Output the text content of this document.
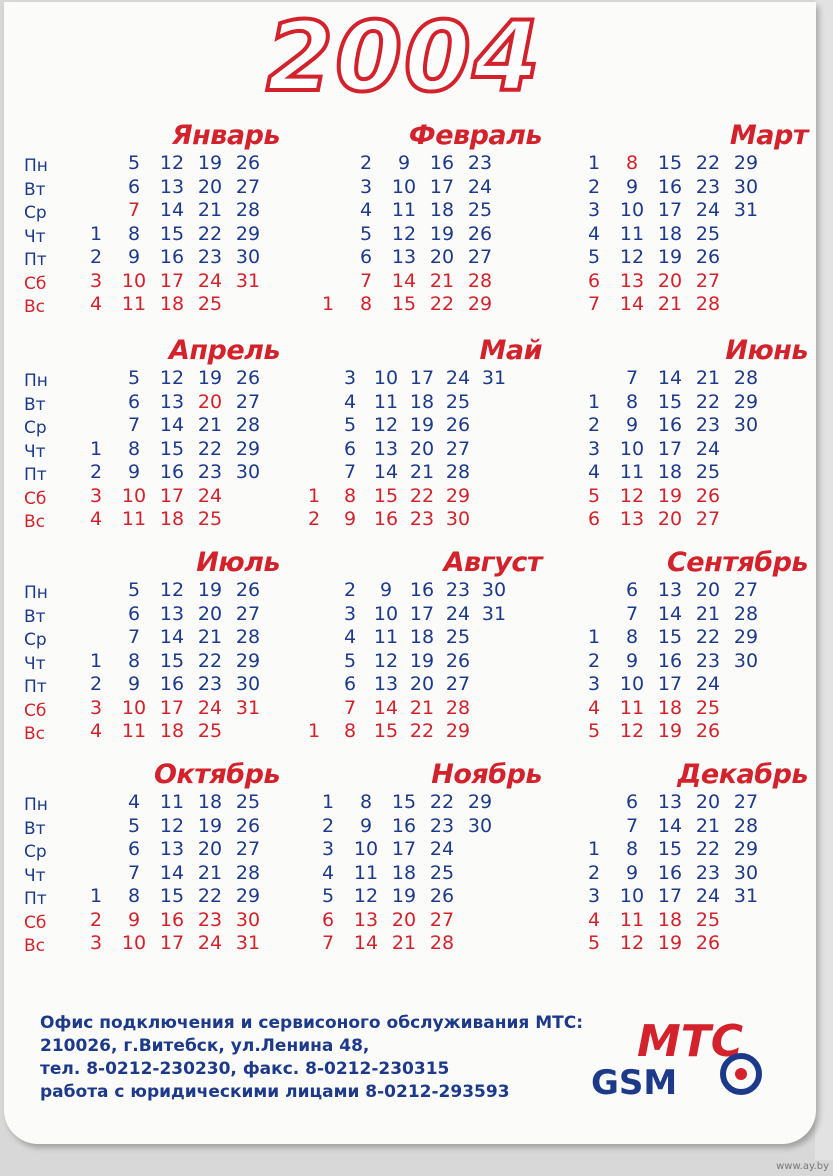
2004
Январь
Пн
Вт
Ср
Чт
Пт
Сб
Вс
1
2
3
4
5
6
7
8
9
10
11
12
13
14
15
16
17
18
19
20
21
22
23
24
25
26
27
28
29
30
31
Февраль
1
2
3
4
5
6
7
8
9
10
11
12
13
14
15
16
17
18
19
20
21
22
23
24
25
26
27
28
29
Март
1
2
3
4
5
6
7
8
9
10
11
12
13
14
15
16
17
18
19
20
21
22
23
24
25
26
27
28
29
30
31
Апрель
Пн
Вт
Ср
Чт
Пт
Сб
Вс
1
2
3
4
5
6
7
8
9
10
11
12
13
14
15
16
17
18
19
20
21
22
23
24
25
26
27
28
29
30
Май
1
2
3
4
5
6
7
8
9
10
11
12
13
14
15
16
17
18
19
20
21
22
23
24
25
26
27
28
29
30
31
Июнь
1
2
3
4
5
6
7
8
9
10
11
12
13
14
15
16
17
18
19
20
21
22
23
24
25
26
27
28
29
30
Июль
Пн
Вт
Ср
Чт
Пт
Сб
Вс
1
2
3
4
5
6
7
8
9
10
11
12
13
14
15
16
17
18
19
20
21
22
23
24
25
26
27
28
29
30
31
Август
1
2
3
4
5
6
7
8
9
10
11
12
13
14
15
16
17
18
19
20
21
22
23
24
25
26
27
28
29
30
31
Сентябрь
1
2
3
4
5
6
7
8
9
10
11
12
13
14
15
16
17
18
19
20
21
22
23
24
25
26
27
28
29
30
Октябрь
Пн
Вт
Ср
Чт
Пт
Сб
Вс
1
2
3
4
5
6
7
8
9
10
11
12
13
14
15
16
17
18
19
20
21
22
23
24
25
26
27
28
29
30
31
Ноябрь
1
2
3
4
5
6
7
8
9
10
11
12
13
14
15
16
17
18
19
20
21
22
23
24
25
26
27
28
29
30
Декабрь
1
2
3
4
5
6
7
8
9
10
11
12
13
14
15
16
17
18
19
20
21
22
23
24
25
26
27
28
29
30
31
Офис подключения и сервисоного обслуживания МТС:
210026, г.Витебск, ул.Ленина 48,
тел. 8-0212-230230, факс. 8-0212-230315
работа с юридическими лицами 8-0212-293593
МТС
GSM
www.ay.by
